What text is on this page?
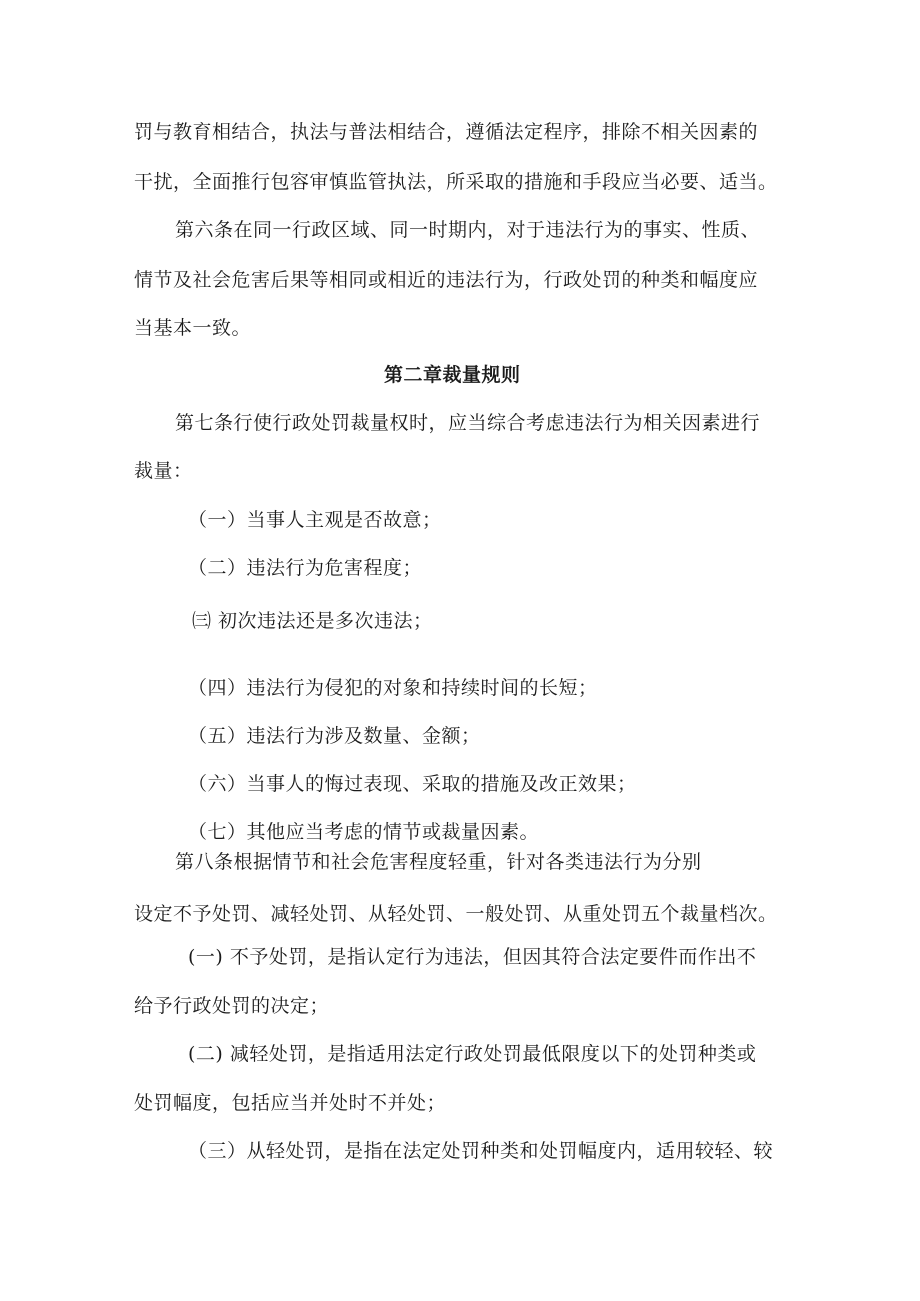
罚与教育相结合，执法与普法相结合，遵循法定程序，排除不相关因素的
干扰，全面推行包容审慎监管执法，所采取的措施和手段应当必要、适当。
第六条在同一行政区域、同一时期内，对于违法行为的事实、性质、
情节及社会危害后果等相同或相近的违法行为，行政处罚的种类和幅度应
当基本一致。
第二章裁量规则
第七条行使行政处罚裁量权时，应当综合考虑违法行为相关因素进行
裁量：
（一）当事人主观是否故意；
（二）违法行为危害程度；
㈢ 初次违法还是多次违法；
（四）违法行为侵犯的对象和持续时间的长短；
（五）违法行为涉及数量、金额；
（六）当事人的悔过表现、采取的措施及改正效果；
（七）其他应当考虑的情节或裁量因素。
第八条根据情节和社会危害程度轻重，针对各类违法行为分别
设定不予处罚、减轻处罚、从轻处罚、一般处罚、从重处罚五个裁量档次。
(一) 不予处罚，是指认定行为违法，但因其符合法定要件而作出不
给予行政处罚的决定；
(二) 减轻处罚，是指适用法定行政处罚最低限度以下的处罚种类或
处罚幅度，包括应当并处时不并处；
（三）从轻处罚，是指在法定处罚种类和处罚幅度内，适用较轻、较
